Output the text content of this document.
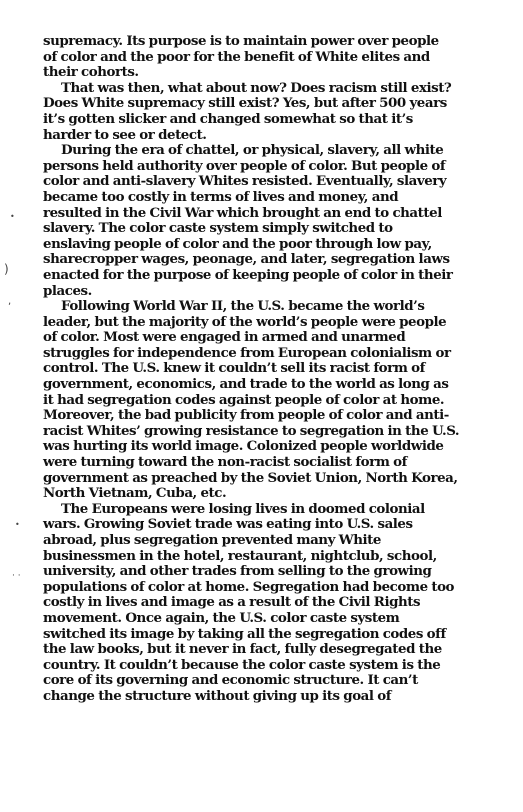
supremacy. Its purpose is to maintain power over people
of color and the poor for the benefit of White elites and
their cohorts.

That was then, what about now? Does racism still exist?
Does White supremacy still exist? Yes, but after 500 years
it’s gotten slicker and changed somewhat so that it’s
harder to see or detect.

During the era of chattel, or physical, slavery, all white
persons held authority over people of color. But people of
color and anti-slavery Whites resisted. Eventually, slavery
became too costly in terms of lives and money, and
resulted in the Civil War which brought an end to chattel
slavery. The color caste system simply switched to
enslaving people of color and the poor through low pay,
sharecropper wages, peonage, and later, segregation laws
enacted for the purpose of keeping people of color in their
places.

Following World War II, the U.S. became the world’s
leader, but the majority of the world’s people were people
of color. Most were engaged in armed and unarmed
struggles for independence from European colonialism or
control. The U.S. knew it couldn’t sell its racist form of
government, economics, and trade to the world as long as
it had segregation codes against people of color at home.
Moreover, the bad publicity from people of color and anti-
racist Whites’ growing resistance to segregation in the U.S.
was hurting its world image. Colonized people worldwide
were turning toward the non-racist socialist form of
government as preached by the Soviet Union, North Korea,
North Vietnam, Cuba, etc.

The Europeans were losing lives in doomed colonial
wars. Growing Soviet trade was eating into U.S. sales
abroad, plus segregation prevented many White
businessmen in the hotel, restaurant, nightclub, school,
university, and other trades from selling to the growing
populations of color at home. Segregation had become too
costly in lives and image as a result of the Civil Rights
movement. Once again, the U.S. color caste system
switched its image by taking all the segregation codes off
the law books, but it never in fact, fully desegregated the
country. It couldn’t because the color caste system is the
core of its governing and economic structure. It can’t
change the structure without giving up its goal of

•
)
,
•
· ·
